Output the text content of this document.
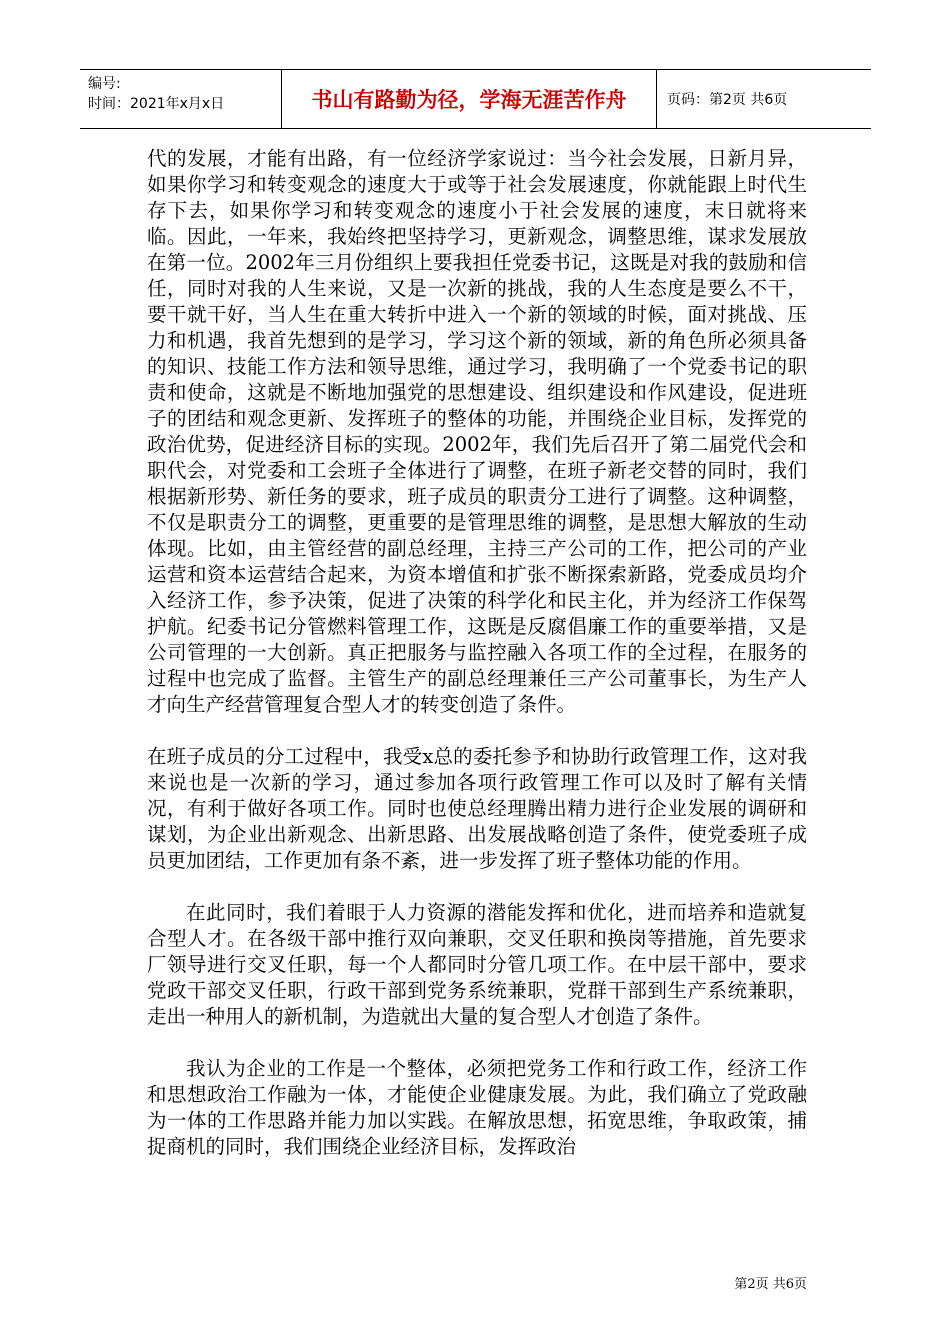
编号:
时间：2021年x月x日	书山有路勤为径，学海无涯苦作舟	页码：第2页 共6页

代的发展，才能有出路，有一位经济学家说过：当今社会发展，日新月异，如果你学习和转变观念的速度大于或等于社会发展速度，你就能跟上时代生存下去，如果你学习和转变观念的速度小于社会发展的速度，末日就将来临。因此，一年来，我始终把坚持学习，更新观念，调整思维，谋求发展放在第一位。2002年三月份组织上要我担任党委书记，这既是对我的鼓励和信任，同时对我的人生来说，又是一次新的挑战，我的人生态度是要么不干，要干就干好，当人生在重大转折中进入一个新的领域的时候，面对挑战、压力和机遇，我首先想到的是学习，学习这个新的领域，新的角色所必须具备的知识、技能工作方法和领导思维，通过学习，我明确了一个党委书记的职责和使命，这就是不断地加强党的思想建设、组织建设和作风建设，促进班子的团结和观念更新、发挥班子的整体的功能，并围绕企业目标，发挥党的政治优势，促进经济目标的实现。2002年，我们先后召开了第二届党代会和职代会，对党委和工会班子全体进行了调整，在班子新老交替的同时，我们根据新形势、新任务的要求，班子成员的职责分工进行了调整。这种调整，不仅是职责分工的调整，更重要的是管理思维的调整，是思想大解放的生动体现。比如，由主管经营的副总经理，主持三产公司的工作，把公司的产业运营和资本运营结合起来，为资本增值和扩张不断探索新路，党委成员均介入经济工作，参予决策，促进了决策的科学化和民主化，并为经济工作保驾护航。纪委书记分管燃料管理工作，这既是反腐倡廉工作的重要举措，又是公司管理的一大创新。真正把服务与监控融入各项工作的全过程，在服务的过程中也完成了监督。主管生产的副总经理兼任三产公司董事长，为生产人才向生产经营管理复合型人才的转变创造了条件。

在班子成员的分工过程中，我受x总的委托参予和协助行政管理工作，这对我来说也是一次新的学习，通过参加各项行政管理工作可以及时了解有关情况，有利于做好各项工作。同时也使总经理腾出精力进行企业发展的调研和谋划，为企业出新观念、出新思路、出发展战略创造了条件，使党委班子成员更加团结，工作更加有条不紊，进一步发挥了班子整体功能的作用。

在此同时，我们着眼于人力资源的潜能发挥和优化，进而培养和造就复合型人才。在各级干部中推行双向兼职，交叉任职和换岗等措施，首先要求厂领导进行交叉任职，每一个人都同时分管几项工作。在中层干部中，要求党政干部交叉任职，行政干部到党务系统兼职，党群干部到生产系统兼职，走出一种用人的新机制，为造就出大量的复合型人才创造了条件。

我认为企业的工作是一个整体，必须把党务工作和行政工作，经济工作和思想政治工作融为一体，才能使企业健康发展。为此，我们确立了党政融为一体的工作思路并能力加以实践。在解放思想，拓宽思维，争取政策，捕捉商机的同时，我们围绕企业经济目标，发挥政治

第2页 共6页
